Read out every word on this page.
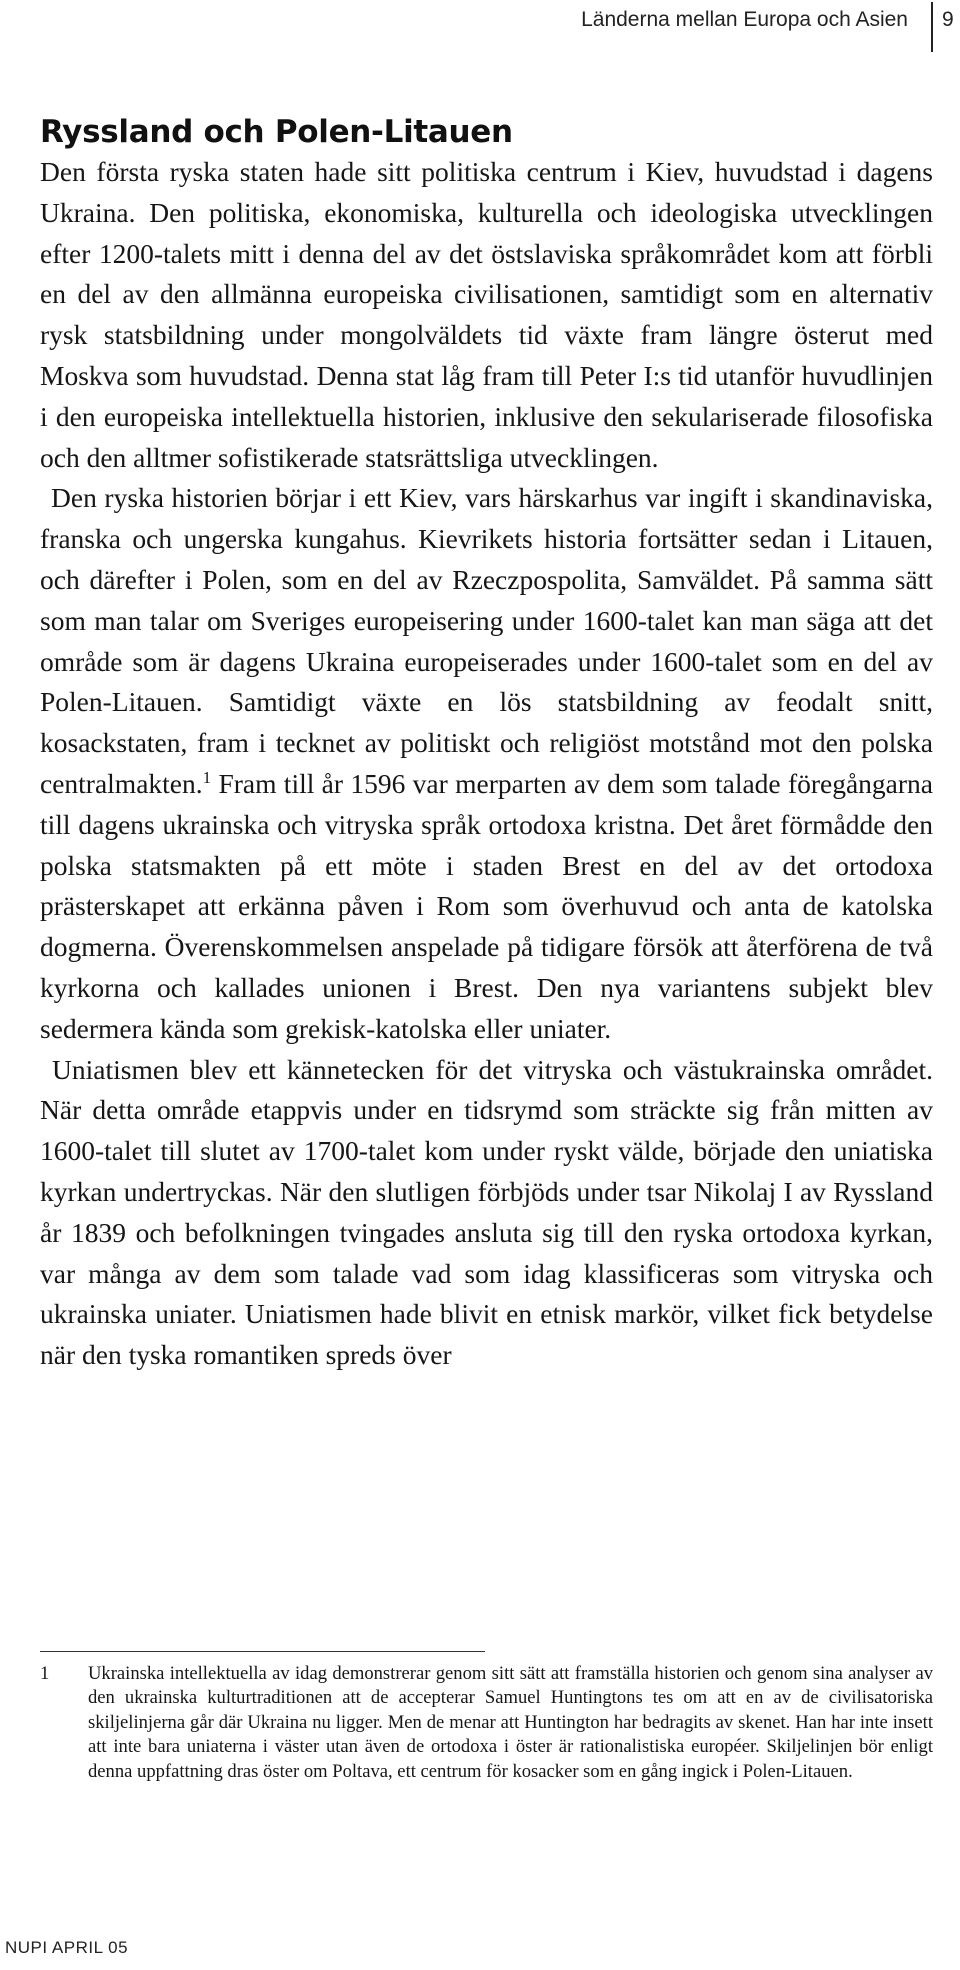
Länderna mellan Europa och Asien	9
Ryssland och Polen-Litauen

Den första ryska staten hade sitt politiska centrum i Kiev, huvudstad i dagens Ukraina. Den politiska, ekonomiska, kulturella och ideologiska utvecklingen efter 1200-talets mitt i denna del av det östslaviska språkområdet kom att förbli en del av den allmänna europeiska civilisationen, samtidigt som en alternativ rysk statsbildning under mongolväldets tid växte fram längre österut med Moskva som huvudstad. Denna stat låg fram till Peter I:s tid utanför huvudlinjen i den europeiska intellektuella historien, inklusive den sekulariserade filosofiska och den alltmer sofistikerade statsrättsliga utvecklingen.

Den ryska historien börjar i ett Kiev, vars härskarhus var ingift i skandinaviska, franska och ungerska kungahus. Kievrikets historia fortsätter sedan i Litauen, och därefter i Polen, som en del av Rzeczpospolita, Samväldet. På samma sätt som man talar om Sveriges europeisering under 1600-talet kan man säga att det område som är dagens Ukraina europeiserades under 1600-talet som en del av Polen-Litauen. Samtidigt växte en lös statsbildning av feodalt snitt, kosackstaten, fram i tecknet av politiskt och religiöst motstånd mot den polska centralmakten.$^1$ Fram till år 1596 var merparten av dem som talade föregångarna till dagens ukrainska och vitryska språk ortodoxa kristna. Det året förmådde den polska statsmakten på ett möte i staden Brest en del av det ortodoxa prästerskapet att erkänna påven i Rom som överhuvud och anta de katolska dogmerna. Överenskommelsen anspelade på tidigare försök att återförena de två kyrkorna och kallades unionen i Brest. Den nya variantens subjekt blev sedermera kända som grekisk-katolska eller uniater.

Uniatismen blev ett kännetecken för det vitryska och västukrainska området. När detta område etappvis under en tidsrymd som sträckte sig från mitten av 1600-talet till slutet av 1700-talet kom under ryskt välde, började den uniatiska kyrkan undertryckas. När den slutligen förbjöds under tsar Nikolaj I av Ryssland år 1839 och befolkningen tvingades ansluta sig till den ryska ortodoxa kyrkan, var många av dem som talade vad som idag klassificeras som vitryska och ukrainska uniater. Uniatismen hade blivit en etnisk markör, vilket fick betydelse när den tyska romantiken spreds över

1 Ukrainska intellektuella av idag demonstrerar genom sitt sätt att framställa historien och genom sina analyser av den ukrainska kulturtraditionen att de accepterar Samuel Huntingtons tes om att en av de civilisatoriska skiljelinjerna går där Ukraina nu ligger. Men de menar att Huntington har bedragits av skenet. Han har inte insett att inte bara uniaterna i väster utan även de ortodoxa i öster är rationalistiska européer. Skiljelinjen bör enligt denna uppfattning dras öster om Poltava, ett centrum för kosacker som en gång ingick i Polen-Litauen.
NUPI APRIL 05
